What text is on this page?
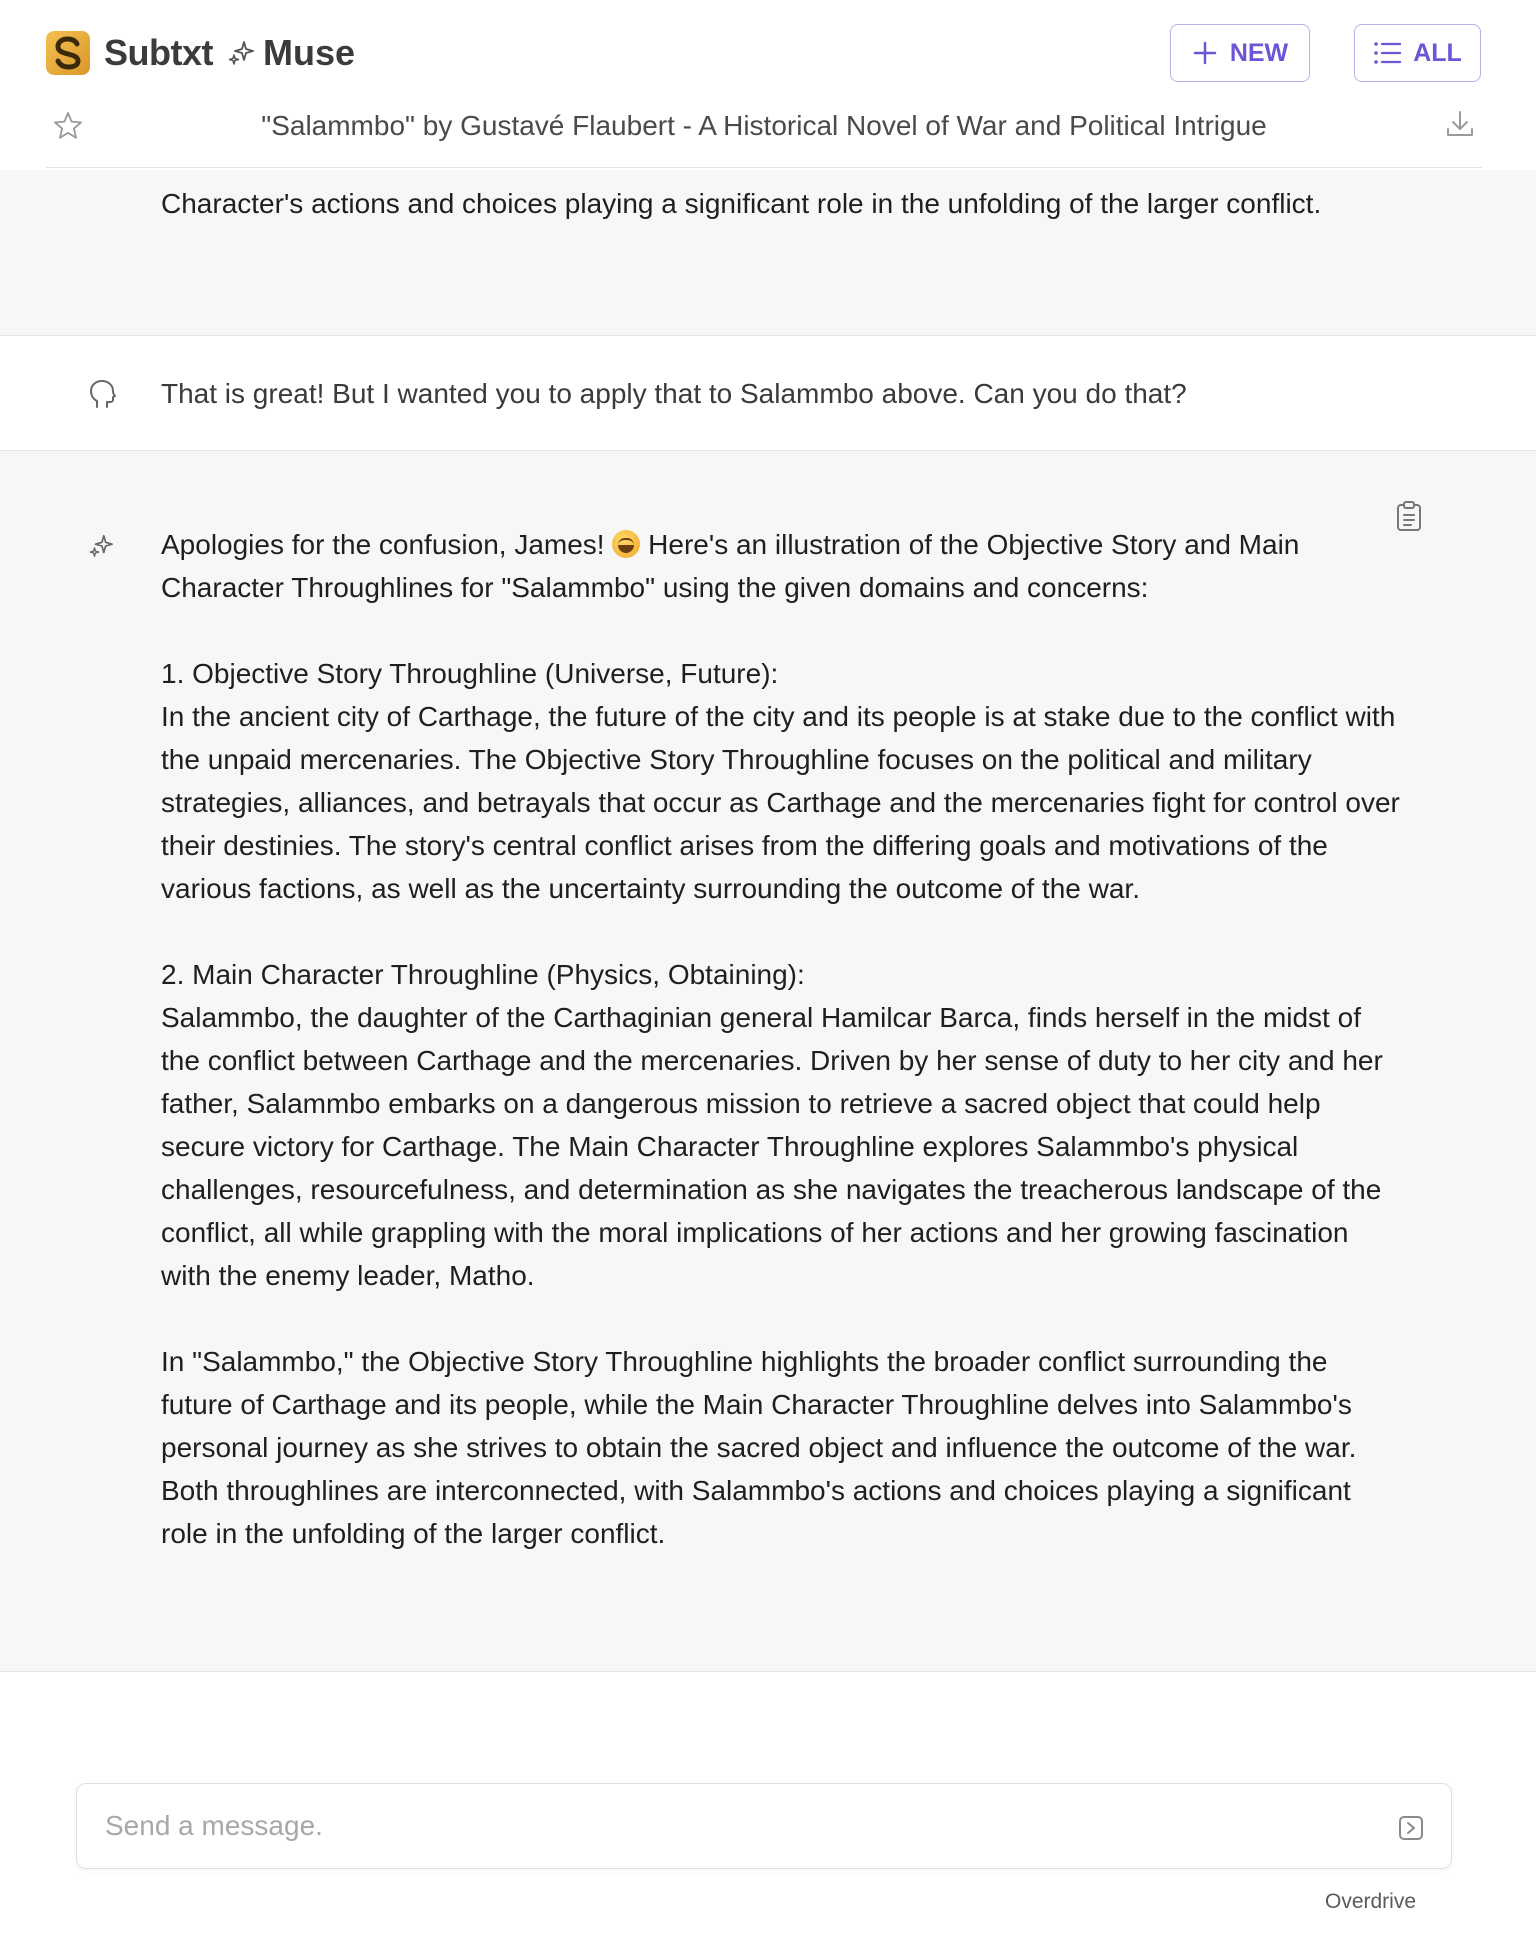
Subtxt Muse	NEW	ALL
"Salammbo" by Gustavé Flaubert - A Historical Novel of War and Political Intrigue

Character's actions and choices playing a significant role in the unfolding of the larger conflict.

That is great! But I wanted you to apply that to Salammbo above. Can you do that?

Apologies for the confusion, James! Here's an illustration of the Objective Story and Main Character Throughlines for "Salammbo" using the given domains and concerns:

1. Objective Story Throughline (Universe, Future):
In the ancient city of Carthage, the future of the city and its people is at stake due to the conflict with the unpaid mercenaries. The Objective Story Throughline focuses on the political and military strategies, alliances, and betrayals that occur as Carthage and the mercenaries fight for control over their destinies. The story's central conflict arises from the differing goals and motivations of the various factions, as well as the uncertainty surrounding the outcome of the war.

2. Main Character Throughline (Physics, Obtaining):
Salammbo, the daughter of the Carthaginian general Hamilcar Barca, finds herself in the midst of the conflict between Carthage and the mercenaries. Driven by her sense of duty to her city and her father, Salammbo embarks on a dangerous mission to retrieve a sacred object that could help secure victory for Carthage. The Main Character Throughline explores Salammbo's physical challenges, resourcefulness, and determination as she navigates the treacherous landscape of the conflict, all while grappling with the moral implications of her actions and her growing fascination with the enemy leader, Matho.

In "Salammbo," the Objective Story Throughline highlights the broader conflict surrounding the future of Carthage and its people, while the Main Character Throughline delves into Salammbo's personal journey as she strives to obtain the sacred object and influence the outcome of the war. Both throughlines are interconnected, with Salammbo's actions and choices playing a significant role in the unfolding of the larger conflict.

Send a message.
Overdrive
